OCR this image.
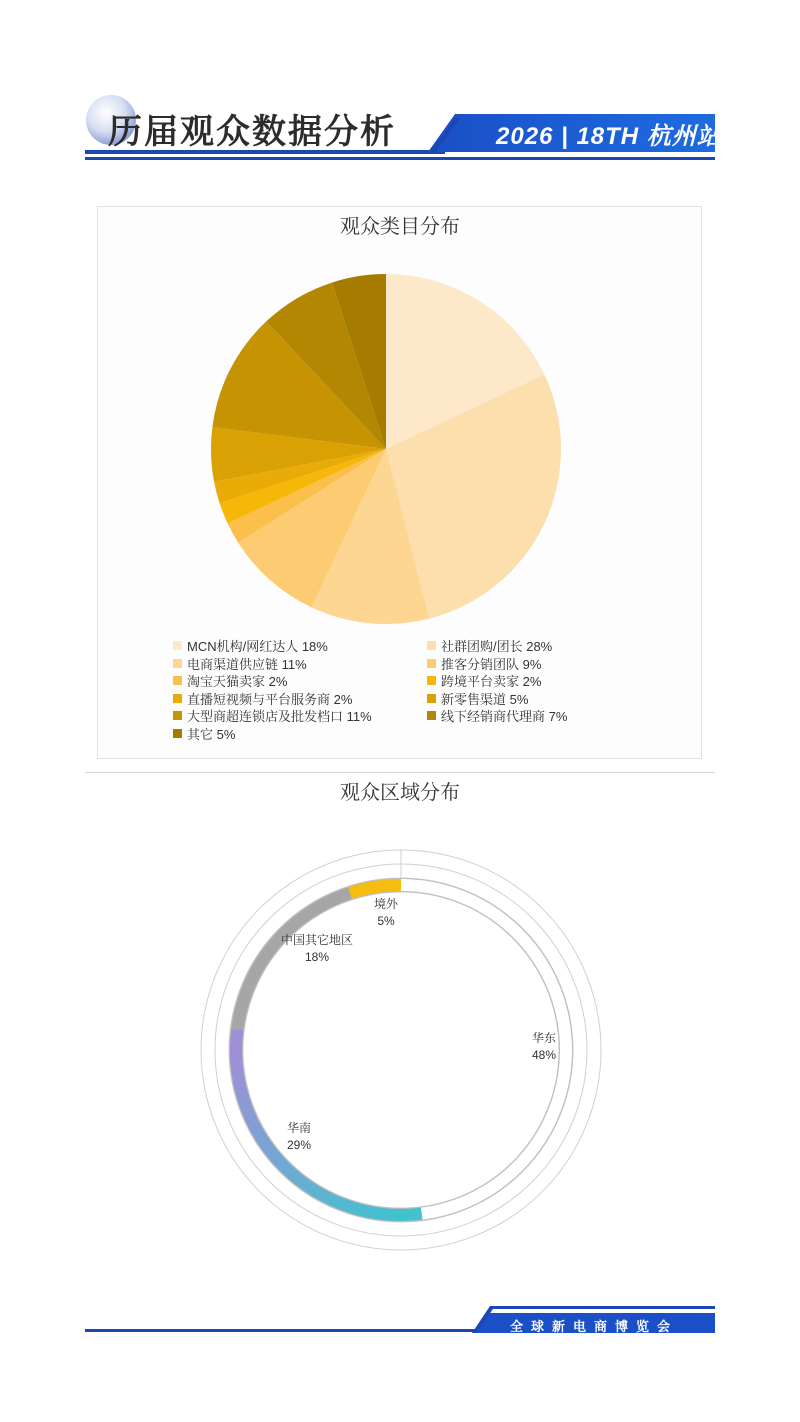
历届观众数据分析	2026 | 18TH 杭州站
观众类目分布
MCN机构/网红达人 18%	社群团购/团长 28%
电商渠道供应链 11%	推客分销团队 9%
淘宝天猫卖家 2%	跨境平台卖家 2%
直播短视频与平台服务商 2%	新零售渠道 5%
大型商超连锁店及批发档口 11%	线下经销商代理商 7%
其它 5%
观众区域分布
华东
48%
华南
29%
中国其它地区
18%
境外
5%
全球新电商博览会
